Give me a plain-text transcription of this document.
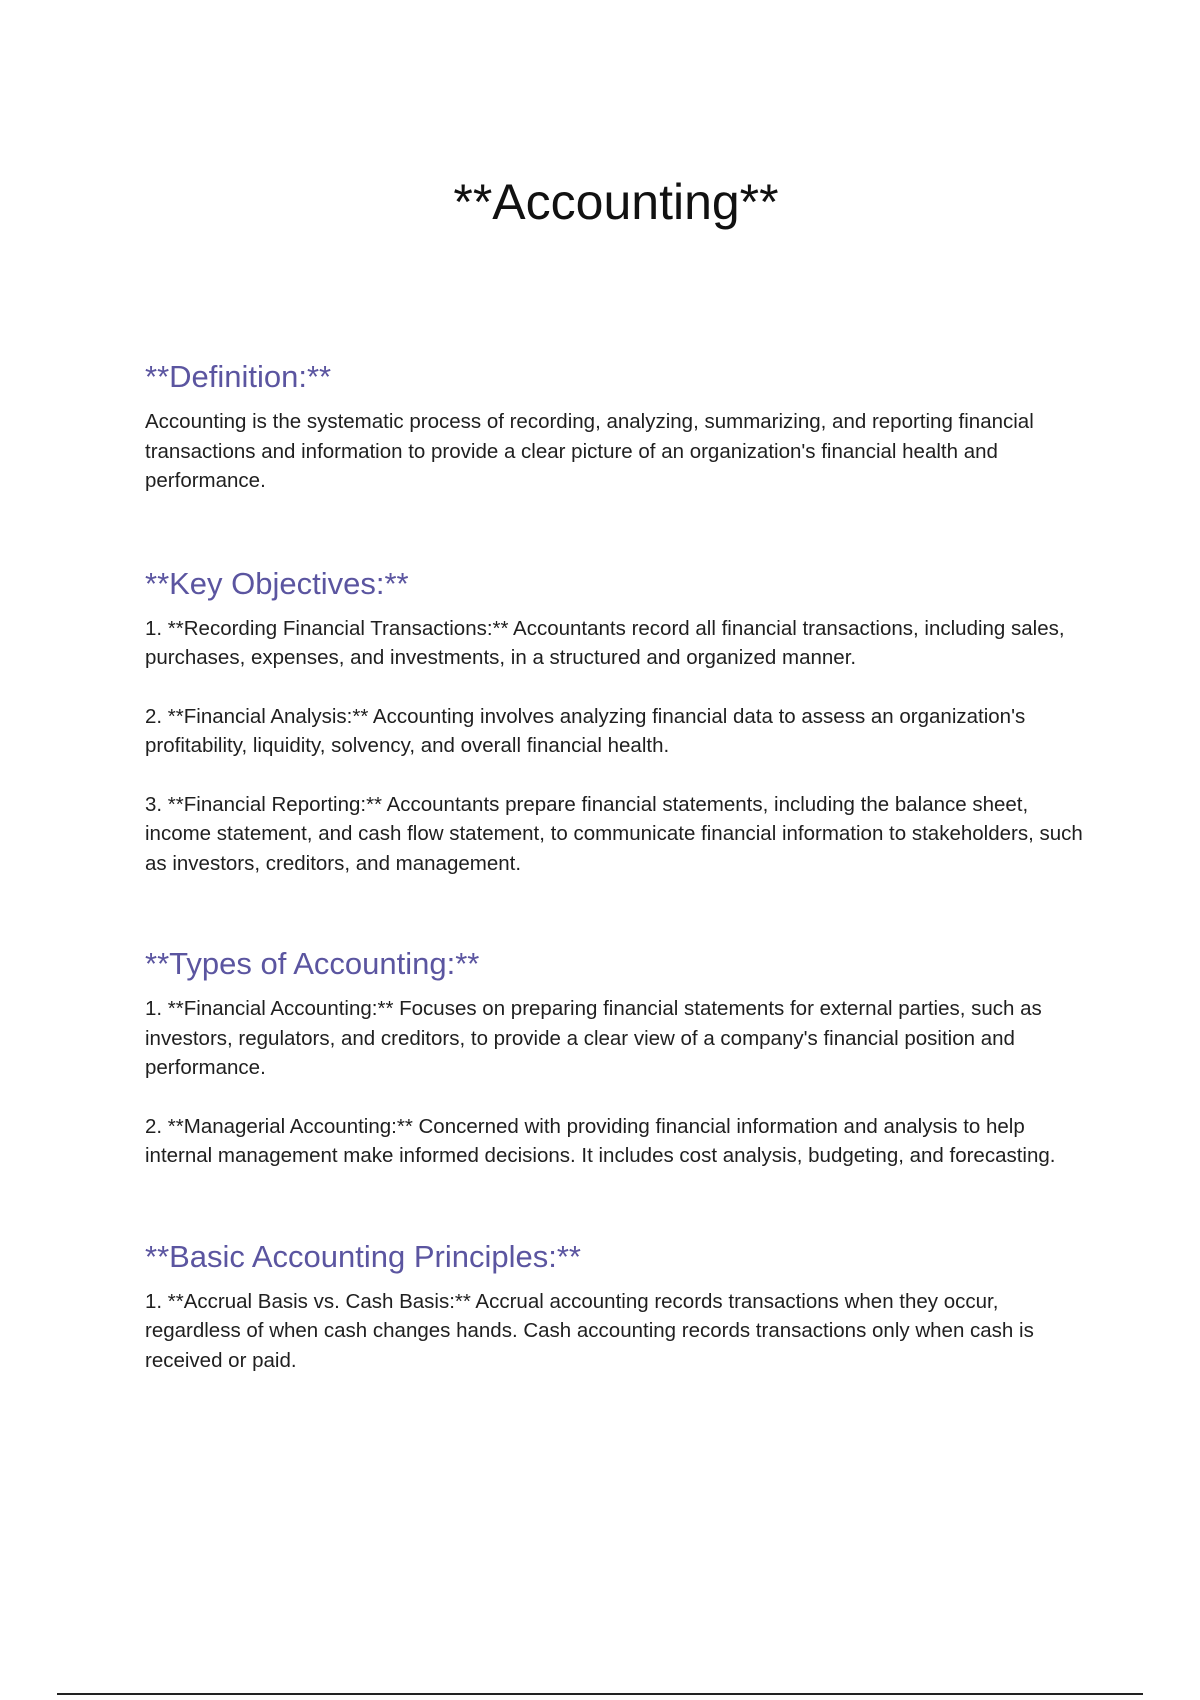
**Accounting**
**Definition:**

Accounting is the systematic process of recording, analyzing, summarizing, and reporting financial transactions and information to provide a clear picture of an organization's financial health and performance.

**Key Objectives:**

1. **Recording Financial Transactions:** Accountants record all financial transactions, including sales, purchases, expenses, and investments, in a structured and organized manner.

2. **Financial Analysis:** Accounting involves analyzing financial data to assess an organization's profitability, liquidity, solvency, and overall financial health.

3. **Financial Reporting:** Accountants prepare financial statements, including the balance sheet, income statement, and cash flow statement, to communicate financial information to stakeholders, such as investors, creditors, and management.

**Types of Accounting:**

1. **Financial Accounting:** Focuses on preparing financial statements for external parties, such as investors, regulators, and creditors, to provide a clear view of a company's financial position and performance.

2. **Managerial Accounting:** Concerned with providing financial information and analysis to help internal management make informed decisions. It includes cost analysis, budgeting, and forecasting.

**Basic Accounting Principles:**

1. **Accrual Basis vs. Cash Basis:** Accrual accounting records transactions when they occur, regardless of when cash changes hands. Cash accounting records transactions only when cash is received or paid.
